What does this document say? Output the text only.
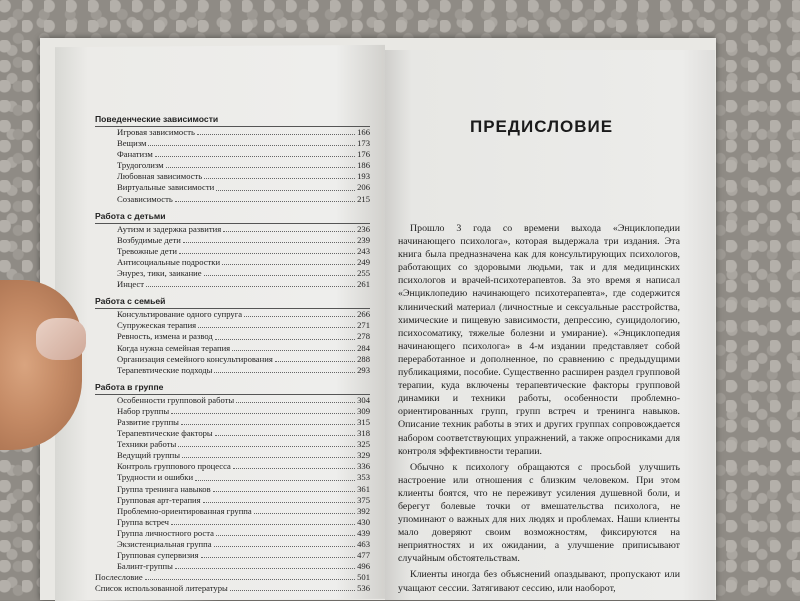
Поведенческие зависимости
Игровая зависимость	166
Вещизм	173
Фанатизм	176
Трудоголизм	186
Любовная зависимость	193
Виртуальные зависимости	206
Созависимость	215
Работа с детьми
Аутизм и задержка развития	236
Возбудимые дети	239
Тревожные дети	243
Антисоциальные подростки	249
Энурез, тики, заикание	255
Инцест	261
Работа с семьей
Консультирование одного супруга	266
Супружеская терапия	271
Ревность, измена и развод	278
Когда нужна семейная терапия	284
Организация семейного консультирования	288
Терапевтические подходы	293
Работа в группе
Особенности групповой работы	304
Набор группы	309
Развитие группы	315
Терапевтические факторы	318
Техники работы	325
Ведущий группы	329
Контроль группового процесса	336
Трудности и ошибки	353
Группа тренинга навыков	361
Групповая арт-терапия	375
Проблемно-ориентированная группа	392
Группа встреч	430
Группа личностного роста	439
Экзистенциальная группа	463
Групповая супервизия	477
Балинт-группы	496
Послесловие	501
Список использованной литературы	536
ПРЕДИСЛОВИЕ

Прошло 3 года со времени выхода «Энциклопедии начинающего психолога», которая выдержала три издания. Эта книга была предназначена как для консультирующих психологов, работающих со здоровыми людьми, так и для медицинских психологов и врачей-психотерапевтов. За это время я написал «Энциклопедию начинающего психотерапевта», где содержится клинический материал (личностные и сексуальные расстройства, химические и пищевую зависимости, депрессию, суицидологию, психосоматику, тяжелые болезни и умирание). «Энциклопедия начинающего психолога» в 4-м издании представляет собой переработанное и дополненное, по сравнению с предыдущими публикациями, пособие. Существенно расширен раздел групповой терапии, куда включены терапевтические факторы групповой динамики и техники работы, особенности проблемно-ориентированных групп, групп встреч и тренинга навыков. Описание техник работы в этих и других группах сопровождается набором соответствующих упражнений, а также опросниками для контроля эффективности терапии.

Обычно к психологу обращаются с просьбой улучшить настроение или отношения с близким человеком. При этом клиенты боятся, что не переживут усиления душевной боли, и берегут болевые точки от вмешательства психолога, не упоминают о важных для них людях и проблемах. Наши клиенты мало доверяют своим возможностям, фиксируются на неприятностях и их ожидании, а улучшение приписывают случайным обстоятельствам.

Клиенты иногда без объяснений опаздывают, пропускают или учащают сессии. Затягивают сессию, или наоборот,
